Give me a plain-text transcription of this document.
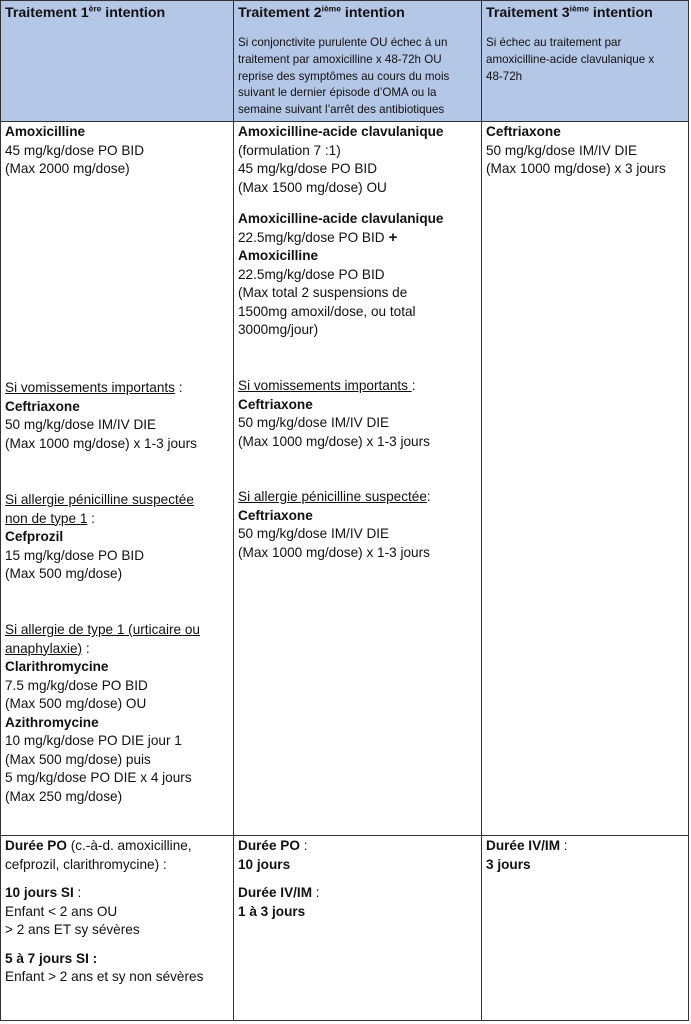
Traitement 1ère intention	Traitement 2ième intention	Traitement 3ième intention
Si conjonctivite purulente OU échec à un
traitement par amoxicilline x 48-72h OU
reprise des symptômes au cours du mois
suivant le dernier épisode d’OMA ou la
semaine suivant l’arrêt des antibiotiques
Si échec au traitement par
amoxicilline-acide clavulanique x
48-72h
Amoxicilline
45 mg/kg/dose PO BID
(Max 2000 mg/dose)
Si vomissements importants :
Ceftriaxone
50 mg/kg/dose IM/IV DIE
(Max 1000 mg/dose) x 1-3 jours
Si allergie pénicilline suspectée
non de type 1 :
Cefprozil
15 mg/kg/dose PO BID
(Max 500 mg/dose)
Si allergie de type 1 (urticaire ou
anaphylaxie) :
Clarithromycine
7.5 mg/kg/dose PO BID
(Max 500 mg/dose) OU
Azithromycine
10 mg/kg/dose PO DIE jour 1
(Max 500 mg/dose) puis
5 mg/kg/dose PO DIE x 4 jours
(Max 250 mg/dose)
Durée PO (c.-à-d. amoxicilline,
cefprozil, clarithromycine) :
10 jours SI :
Enfant < 2 ans OU
> 2 ans ET sy sévères
5 à 7 jours SI :
Enfant > 2 ans et sy non sévères
Amoxicilline-acide clavulanique
(formulation 7 :1)
45 mg/kg/dose PO BID
(Max 1500 mg/dose) OU
Amoxicilline-acide clavulanique
22.5mg/kg/dose PO BID +
Amoxicilline
22.5mg/kg/dose PO BID
(Max total 2 suspensions de
1500mg amoxil/dose, ou total
3000mg/jour)
Si vomissements importants :
Ceftriaxone
50 mg/kg/dose IM/IV DIE
(Max 1000 mg/dose) x 1-3 jours
Si allergie pénicilline suspectée:
Ceftriaxone
50 mg/kg/dose IM/IV DIE
(Max 1000 mg/dose) x 1-3 jours
Durée PO :
10 jours
Durée IV/IM :
1 à 3 jours
Ceftriaxone
50 mg/kg/dose IM/IV DIE
(Max 1000 mg/dose) x 3 jours
Durée IV/IM :
3 jours
